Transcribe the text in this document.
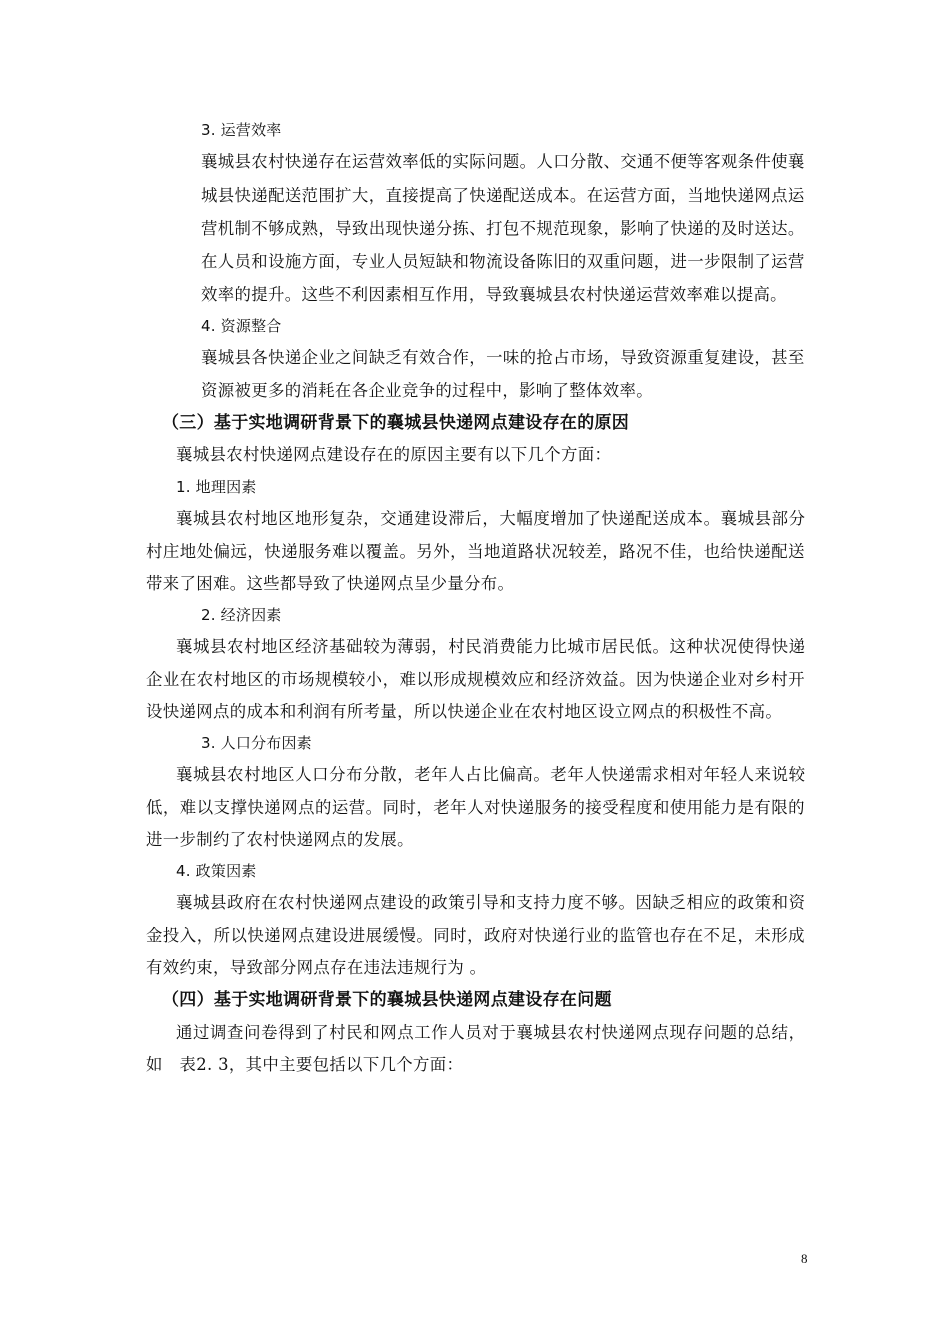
3. 运营效率
襄城县农村快递存在运营效率低的实际问题。人口分散、交通不便等客观条件使襄
城县快递配送范围扩大，直接提高了快递配送成本。在运营方面，当地快递网点运
营机制不够成熟，导致出现快递分拣、打包不规范现象，影响了快递的及时送达。
在人员和设施方面，专业人员短缺和物流设备陈旧的双重问题，进一步限制了运营
效率的提升。这些不利因素相互作用，导致襄城县农村快递运营效率难以提高。
4. 资源整合
襄城县各快递企业之间缺乏有效合作，一味的抢占市场，导致资源重复建设，甚至
资源被更多的消耗在各企业竞争的过程中，影响了整体效率。
（三）基于实地调研背景下的襄城县快递网点建设存在的原因
襄城县农村快递网点建设存在的原因主要有以下几个方面：
1. 地理因素
襄城县农村地区地形复杂，交通建设滞后，大幅度增加了快递配送成本。襄城县部分
村庄地处偏远，快递服务难以覆盖。另外，当地道路状况较差，路况不佳，也给快递配送
带来了困难。这些都导致了快递网点呈少量分布。
2. 经济因素
襄城县农村地区经济基础较为薄弱，村民消费能力比城市居民低。这种状况使得快递
企业在农村地区的市场规模较小，难以形成规模效应和经济效益。因为快递企业对乡村开
设快递网点的成本和利润有所考量，所以快递企业在农村地区设立网点的积极性不高。
3. 人口分布因素
襄城县农村地区人口分布分散，老年人占比偏高。老年人快递需求相对年轻人来说较
低，难以支撑快递网点的运营。同时，老年人对快递服务的接受程度和使用能力是有限的
进一步制约了农村快递网点的发展。
4. 政策因素
襄城县政府在农村快递网点建设的政策引导和支持力度不够。因缺乏相应的政策和资
金投入，所以快递网点建设进展缓慢。同时，政府对快递行业的监管也存在不足，未形成
有效约束，导致部分网点存在违法违规行为 。
（四）基于实地调研背景下的襄城县快递网点建设存在问题
通过调查问卷得到了村民和网点工作人员对于襄城县农村快递网点现存问题的总结，
如　表2. 3，其中主要包括以下几个方面：
8
